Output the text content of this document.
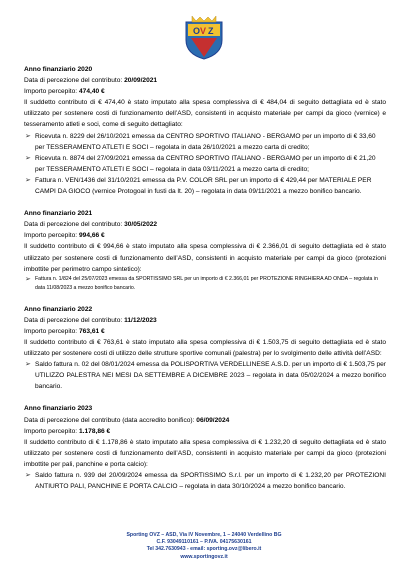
O V Z

Anno finanziario 2020

Data di percezione del contributo: 20/09/2021

Importo percepito: 474,40 €

Il suddetto contributo di € 474,40 è stato imputato alla spesa complessiva di € 484,04 di seguito dettagliata ed è stato utilizzato per sostenere costi di funzionamento dell’ASD, consistenti in acquisto materiale per campi da gioco (vernice) e tesseramento atleti e soci, come di seguito dettagliato:

➢ Ricevuta n. 8229 del 26/10/2021 emessa da CENTRO SPORTIVO ITALIANO - BERGAMO per un importo di € 33,60 per TESSERAMENTO ATLETI E SOCI – regolata in data 26/10/2021 a mezzo carta di credito;
➢ Ricevuta n. 8874 del 27/09/2021 emessa da CENTRO SPORTIVO ITALIANO - BERGAMO per un importo di € 21,20 per TESSERAMENTO ATLETI E SOCI – regolata in data 03/11/2021 a mezzo carta di credito;
➢ Fattura n. VEN/1436 del 31/10/2021 emessa da P.V. COLOR SRL per un importo di € 429,44 per MATERIALE PER CAMPI DA GIOCO (vernice Protogoal in fusti da lt. 20) – regolata in data 09/11/2021 a mezzo bonifico bancario.

Anno finanziario 2021

Data di percezione del contributo: 30/05/2022

Importo percepito: 994,66 €

Il suddetto contributo di € 994,66 è stato imputato alla spesa complessiva di € 2.366,01 di seguito dettagliata ed è stato utilizzato per sostenere costi di funzionamento dell’ASD, consistenti in acquisto materiale per campi da gioco (protezioni imbottite per perimetro campo sintetico):

➢ Fattura n. 1/824 del 25/07/2023 emessa da SPORTISSIMO SRL per un importo di € 2.366,01 per PROTEZIONE RINGHIERA AD ONDA – regolata in data 11/08/2023 a mezzo bonifico bancario.

Anno finanziario 2022

Data di percezione del contributo: 11/12/2023

Importo percepito: 763,61 €

Il suddetto contributo di € 763,61 è stato imputato alla spesa complessiva di € 1.503,75 di seguito dettagliata ed è stato utilizzato per sostenere costi di utilizzo delle strutture sportive comunali (palestra) per lo svolgimento delle attività dell’ASD:

➢ Saldo fattura n. 02 del 08/01/2024 emessa da POLISPORTIVA VERDELLINESE A.S.D. per un importo di € 1.503,75 per UTILIZZO PALESTRA NEI MESI DA SETTEMBRE A DICEMBRE 2023 – regolata in data 05/02/2024 a mezzo bonifico bancario.

Anno finanziario 2023

Data di percezione del contributo (data accredito bonifico): 06/09/2024

Importo percepito: 1.178,86 €

Il suddetto contributo di € 1.178,86 è stato imputato alla spesa complessiva di € 1.232,20 di seguito dettagliata ed è stato utilizzato per sostenere costi di funzionamento dell’ASD, consistenti in acquisto materiale per campi da gioco (protezioni imbottite per pali, panchine e porta calcio):

➢ Saldo fattura n. 939 del 20/09/2024 emessa da SPORTISSIMO S.r.l. per un importo di € 1.232,20 per PROTEZIONI ANTIURTO PALI, PANCHINE E PORTA CALCIO – regolata in data 30/10/2024 a mezzo bonifico bancario.
Sporting OVZ – ASD, Via IV Novembre, 1 – 24040 Verdellino BG
C.F. 93049110161 – P.IVA. 04175630161
Tel 342.7630943 - email: sporting.ovz@libero.it
www.sportingovz.it
